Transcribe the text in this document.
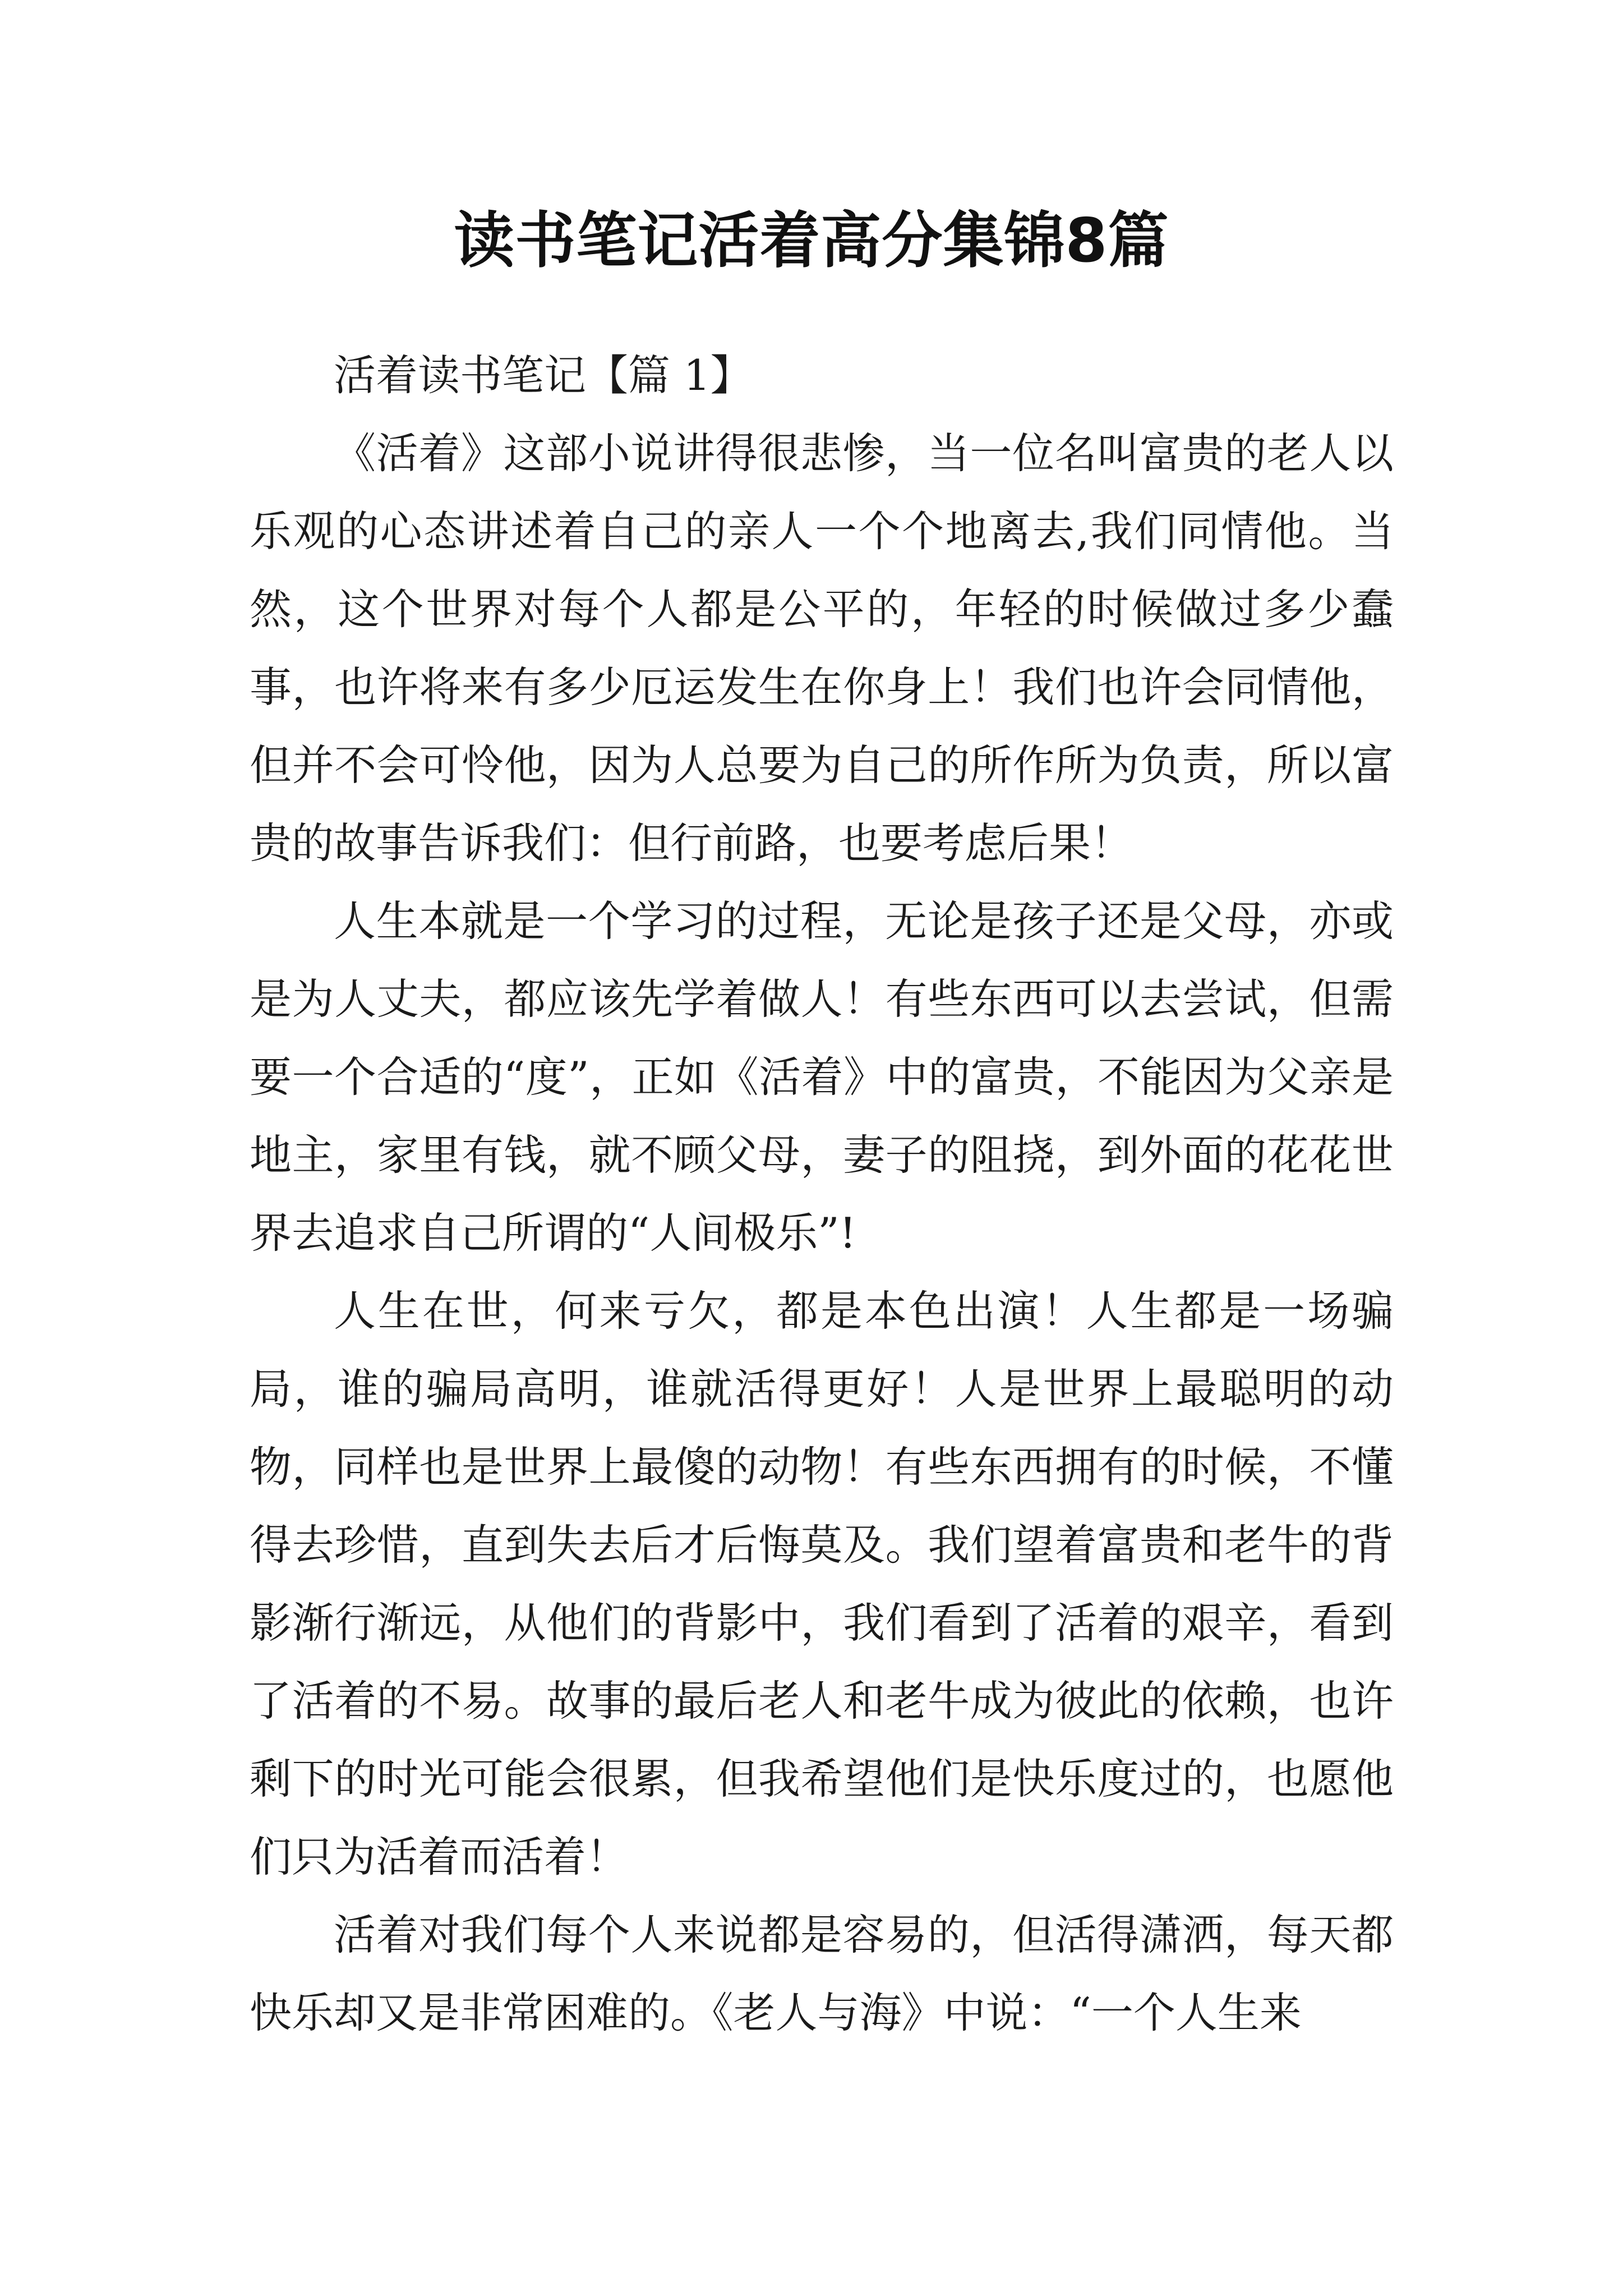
读书笔记活着高分集锦8篇

活着读书笔记【篇 1】

《活着》这部小说讲得很悲惨，当一位名叫富贵的老人以乐观的心态讲述着自己的亲人一个个地离去,我们同情他。当然，这个世界对每个人都是公平的，年轻的时候做过多少蠢事，也许将来有多少厄运发生在你身上！我们也许会同情他，但并不会可怜他，因为人总要为自己的所作所为负责，所以富贵的故事告诉我们：但行前路，也要考虑后果！

人生本就是一个学习的过程，无论是孩子还是父母，亦或是为人丈夫，都应该先学着做人！有些东西可以去尝试，但需要一个合适的“度”，正如《活着》中的富贵，不能因为父亲是地主，家里有钱，就不顾父母，妻子的阻挠，到外面的花花世界去追求自己所谓的“人间极乐”!

人生在世，何来亏欠，都是本色出演！人生都是一场骗局，谁的骗局高明，谁就活得更好！人是世界上最聪明的动物，同样也是世界上最傻的动物！有些东西拥有的时候，不懂得去珍惜，直到失去后才后悔莫及。我们望着富贵和老牛的背影渐行渐远，从他们的背影中，我们看到了活着的艰辛，看到了活着的不易。故事的最后老人和老牛成为彼此的依赖，也许剩下的时光可能会很累，但我希望他们是快乐度过的，也愿他们只为活着而活着！

活着对我们每个人来说都是容易的，但活得潇洒，每天都快乐却又是非常困难的。《老人与海》中说：“一个人生来
